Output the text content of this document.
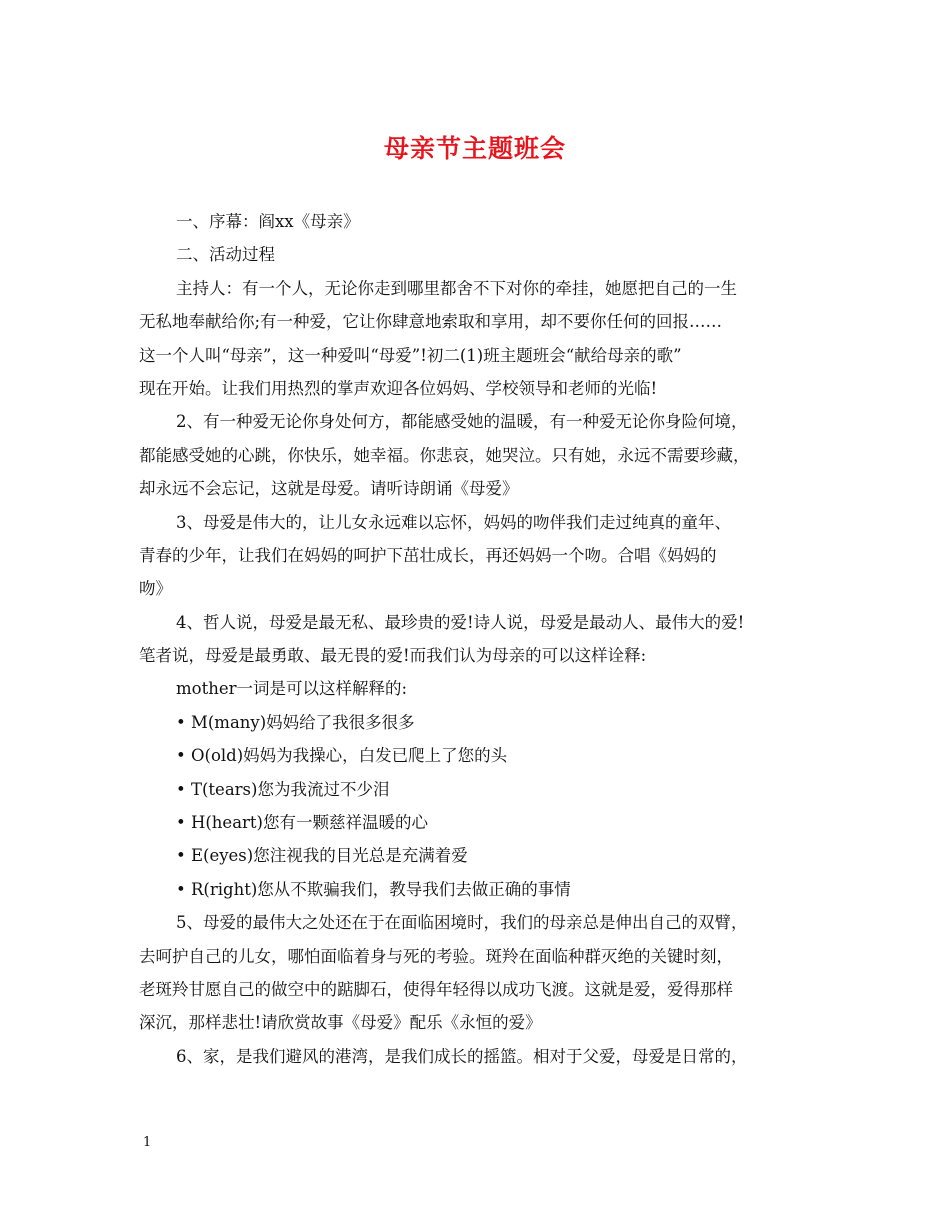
母亲节主题班会
一、序幕：阎xx《母亲》
二、活动过程
主持人：有一个人，无论你走到哪里都舍不下对你的牵挂，她愿把自己的一生
无私地奉献给你;有一种爱，它让你肆意地索取和享用，却不要你任何的回报……
这一个人叫“母亲”，这一种爱叫“母爱”!初二(1)班主题班会“献给母亲的歌”
现在开始。让我们用热烈的掌声欢迎各位妈妈、学校领导和老师的光临!
2、有一种爱无论你身处何方，都能感受她的温暖，有一种爱无论你身险何境，
都能感受她的心跳，你快乐，她幸福。你悲哀，她哭泣。只有她，永远不需要珍藏，
却永远不会忘记，这就是母爱。请听诗朗诵《母爱》
3、母爱是伟大的，让儿女永远难以忘怀，妈妈的吻伴我们走过纯真的童年、
青春的少年，让我们在妈妈的呵护下茁壮成长，再还妈妈一个吻。合唱《妈妈的
吻》
4、哲人说，母爱是最无私、最珍贵的爱!诗人说，母爱是最动人、最伟大的爱!
笔者说，母爱是最勇敢、最无畏的爱!而我们认为母亲的可以这样诠释:
mother一词是可以这样解释的:
• M(many)妈妈给了我很多很多
• O(old)妈妈为我操心，白发已爬上了您的头
• T(tears)您为我流过不少泪
• H(heart)您有一颗慈祥温暖的心
• E(eyes)您注视我的目光总是充满着爱
• R(right)您从不欺骗我们，教导我们去做正确的事情
5、母爱的最伟大之处还在于在面临困境时，我们的母亲总是伸出自己的双臂，
去呵护自己的儿女，哪怕面临着身与死的考验。斑羚在面临种群灭绝的关键时刻，
老斑羚甘愿自己的做空中的踮脚石，使得年轻得以成功飞渡。这就是爱，爱得那样
深沉，那样悲壮!请欣赏故事《母爱》配乐《永恒的爱》
6、家，是我们避风的港湾，是我们成长的摇篮。相对于父爱，母爱是日常的，
1
